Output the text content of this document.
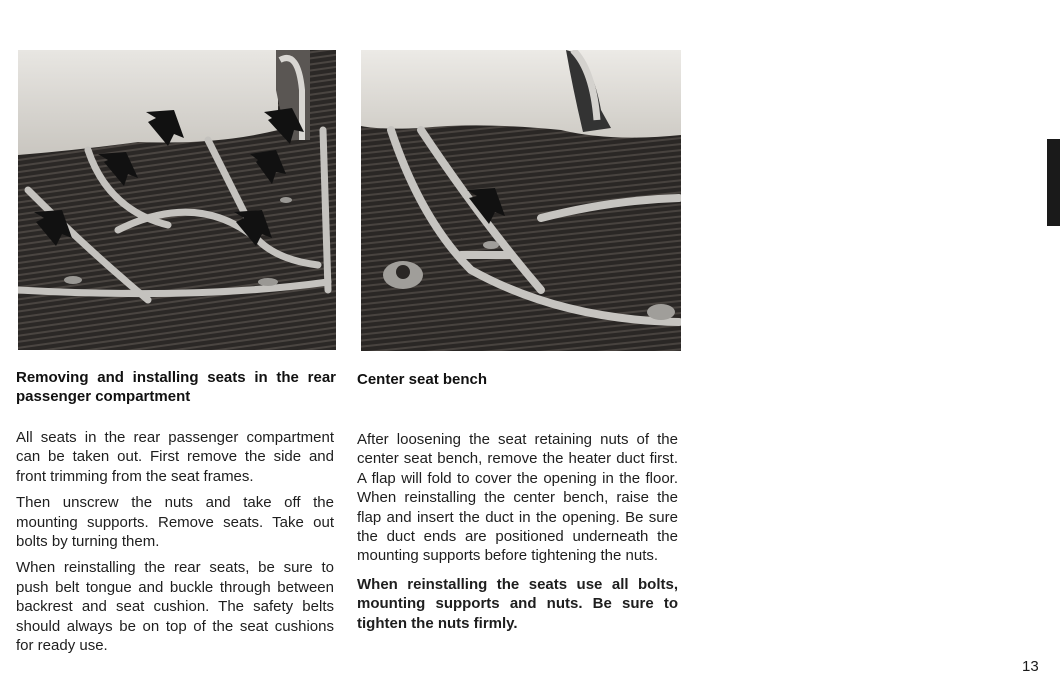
Removing and installing seats in the rear passenger compartment

All seats in the rear passenger compartment can be taken out. First remove the side and front trimming from the seat frames.

Then unscrew the nuts and take off the mounting supports. Remove seats. Take out bolts by turning them.

When reinstalling the rear seats, be sure to push belt tongue and buckle through between backrest and seat cushion. The safety belts should always be on top of the seat cushions for ready use.

Center seat bench

After loosening the seat retaining nuts of the center seat bench, remove the heater duct first. A flap will fold to cover the opening in the floor. When reinstalling the center bench, raise the flap and insert the duct in the opening. Be sure the duct ends are positioned underneath the mounting supports before tightening the nuts.

When reinstalling the seats use all bolts, mounting supports and nuts. Be sure to tighten the nuts firmly.

13
